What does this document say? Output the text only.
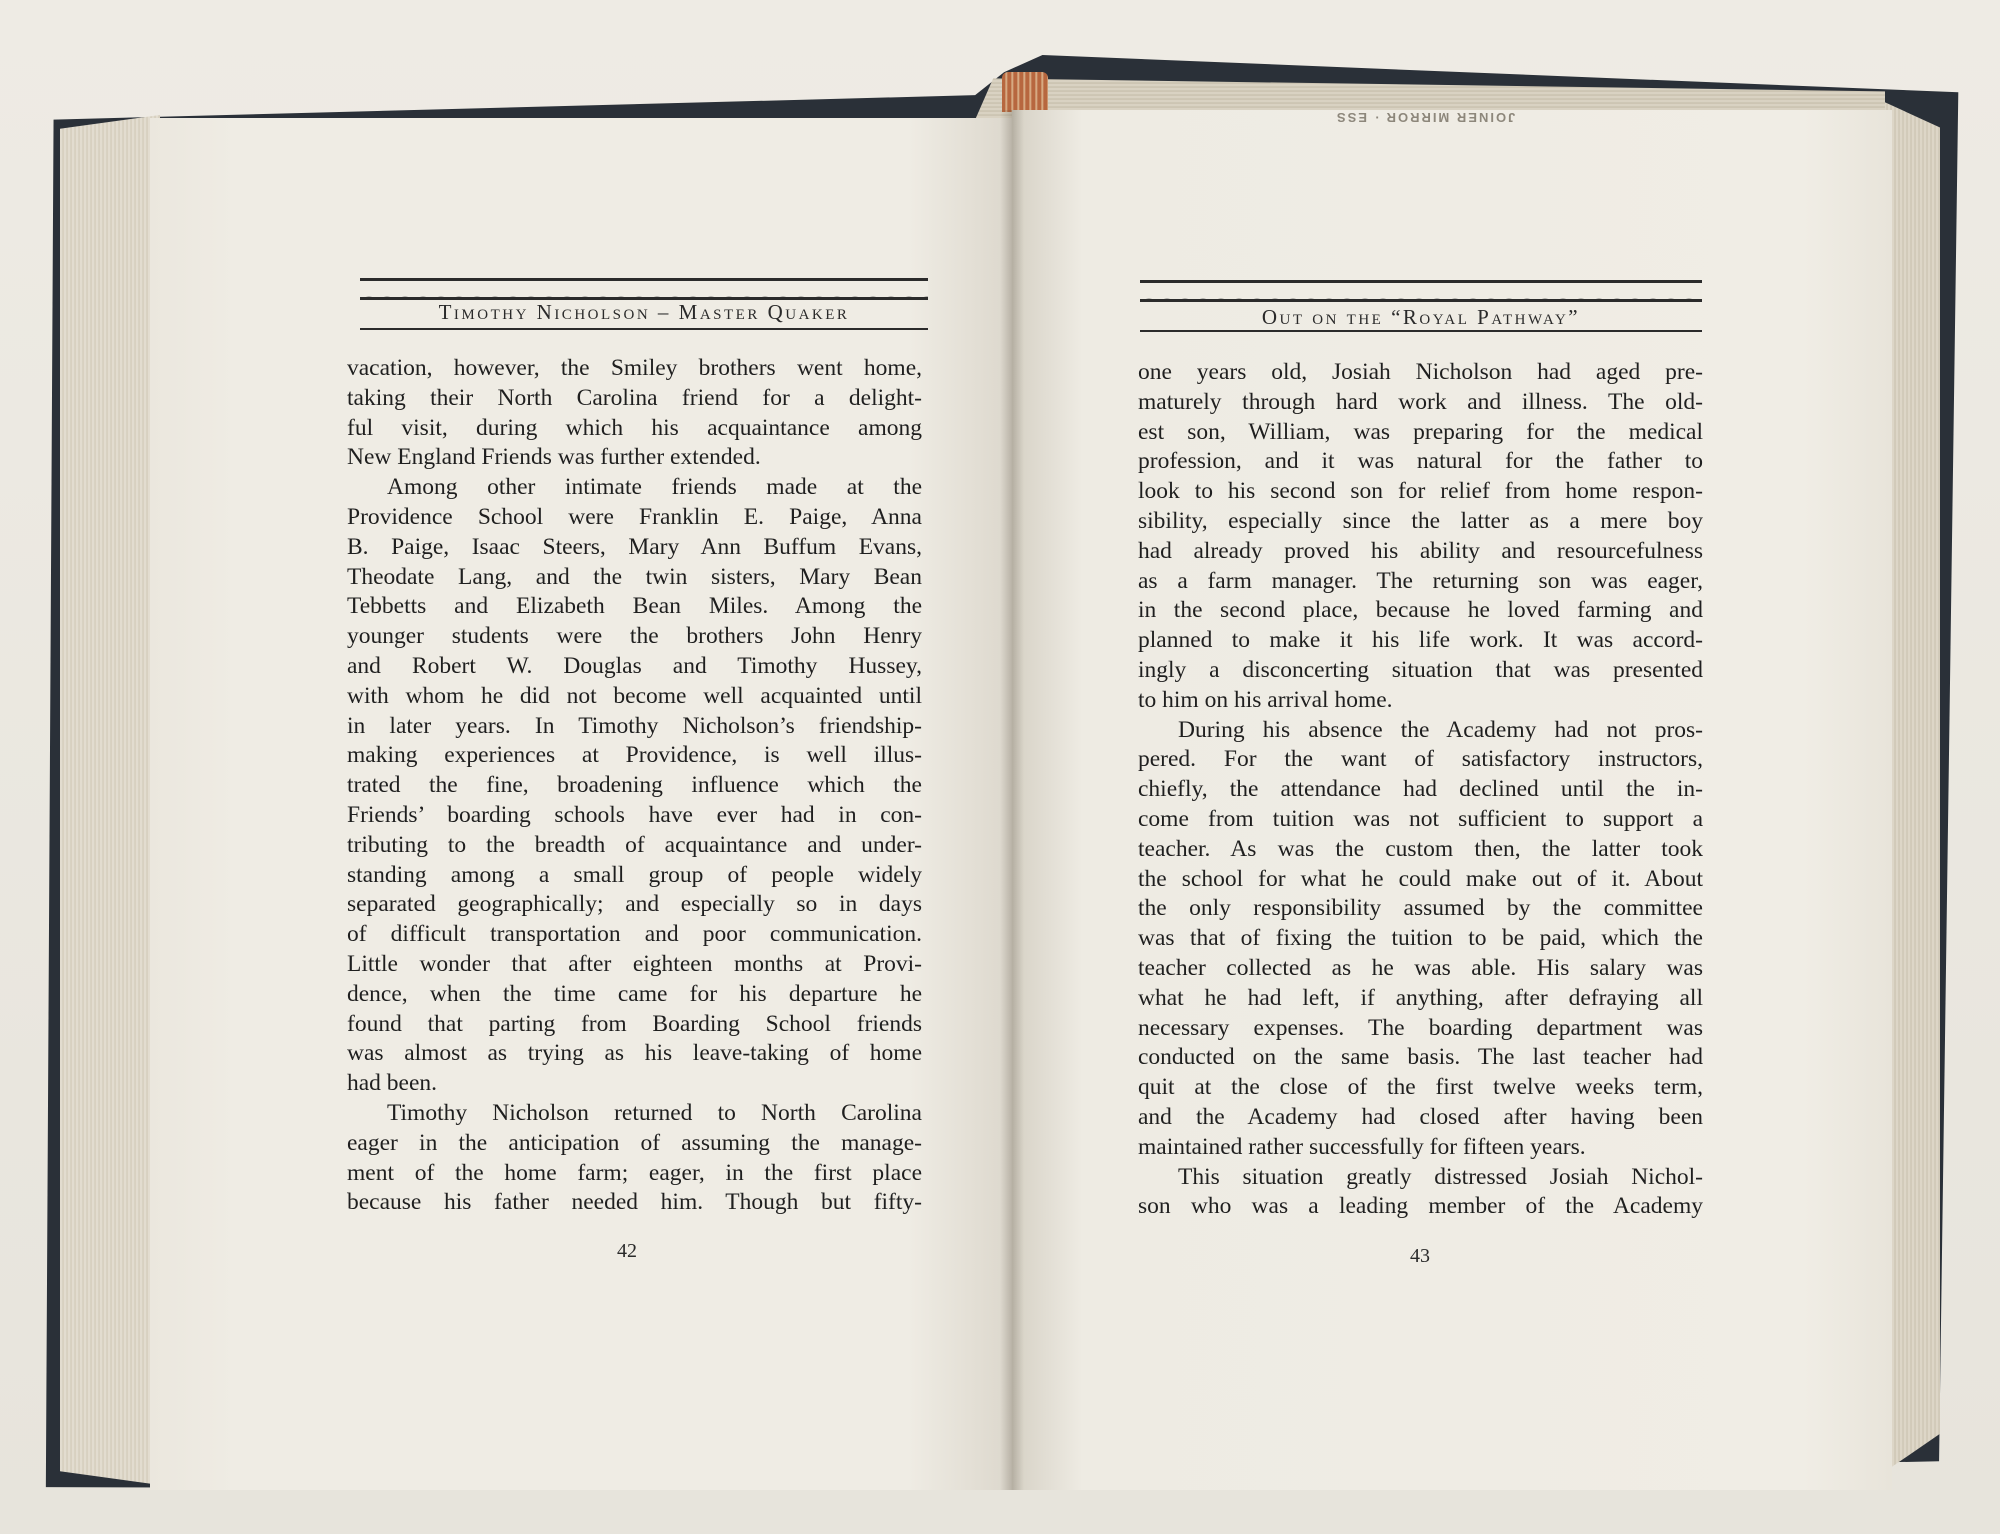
JOINER MIRROR · ESS
Timothy Nicholson – Master Quaker
vacation, however, the Smiley brothers went home,
taking their North Carolina friend for a delight-
ful visit, during which his acquaintance among
New England Friends was further extended.
Among other intimate friends made at the
Providence School were Franklin E. Paige, Anna
B. Paige, Isaac Steers, Mary Ann Buffum Evans,
Theodate Lang, and the twin sisters, Mary Bean
Tebbetts and Elizabeth Bean Miles. Among the
younger students were the brothers John Henry
and Robert W. Douglas and Timothy Hussey,
with whom he did not become well acquainted until
in later years. In Timothy Nicholson’s friendship-
making experiences at Providence, is well illus-
trated the fine, broadening influence which the
Friends’ boarding schools have ever had in con-
tributing to the breadth of acquaintance and under-
standing among a small group of people widely
separated geographically; and especially so in days
of difficult transportation and poor communication.
Little wonder that after eighteen months at Provi-
dence, when the time came for his departure he
found that parting from Boarding School friends
was almost as trying as his leave-taking of home
had been.
Timothy Nicholson returned to North Carolina
eager in the anticipation of assuming the manage-
ment of the home farm; eager, in the first place
because his father needed him. Though but fifty-
42
Out on the “Royal Pathway”
one years old, Josiah Nicholson had aged pre-
maturely through hard work and illness. The old-
est son, William, was preparing for the medical
profession, and it was natural for the father to
look to his second son for relief from home respon-
sibility, especially since the latter as a mere boy
had already proved his ability and resourcefulness
as a farm manager. The returning son was eager,
in the second place, because he loved farming and
planned to make it his life work. It was accord-
ingly a disconcerting situation that was presented
to him on his arrival home.
During his absence the Academy had not pros-
pered. For the want of satisfactory instructors,
chiefly, the attendance had declined until the in-
come from tuition was not sufficient to support a
teacher. As was the custom then, the latter took
the school for what he could make out of it. About
the only responsibility assumed by the committee
was that of fixing the tuition to be paid, which the
teacher collected as he was able. His salary was
what he had left, if anything, after defraying all
necessary expenses. The boarding department was
conducted on the same basis. The last teacher had
quit at the close of the first twelve weeks term,
and the Academy had closed after having been
maintained rather successfully for fifteen years.
This situation greatly distressed Josiah Nichol-
son who was a leading member of the Academy
43
